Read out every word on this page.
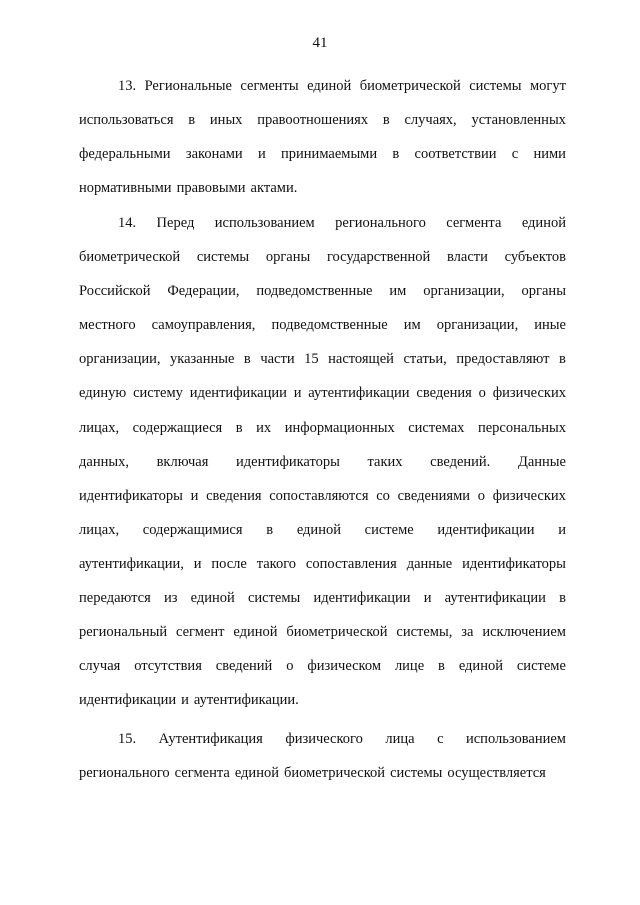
41
13. Региональные сегменты единой биометрической системы могут
использоваться в иных правоотношениях в случаях, установленных
федеральными законами и принимаемыми в соответствии с ними
нормативными правовыми актами.
14. Перед использованием регионального сегмента единой
биометрической системы органы государственной власти субъектов
Российской Федерации, подведомственные им организации, органы
местного самоуправления, подведомственные им организации, иные
организации, указанные в части 15 настоящей статьи, предоставляют в
единую систему идентификации и аутентификации сведения о физических
лицах, содержащиеся в их информационных системах персональных
данных, включая идентификаторы таких сведений. Данные
идентификаторы и сведения сопоставляются со сведениями о физических
лицах, содержащимися в единой системе идентификации и
аутентификации, и после такого сопоставления данные идентификаторы
передаются из единой системы идентификации и аутентификации в
региональный сегмент единой биометрической системы, за исключением
случая отсутствия сведений о физическом лице в единой системе
идентификации и аутентификации.
15. Аутентификация физического лица с использованием
регионального сегмента единой биометрической системы осуществляется
